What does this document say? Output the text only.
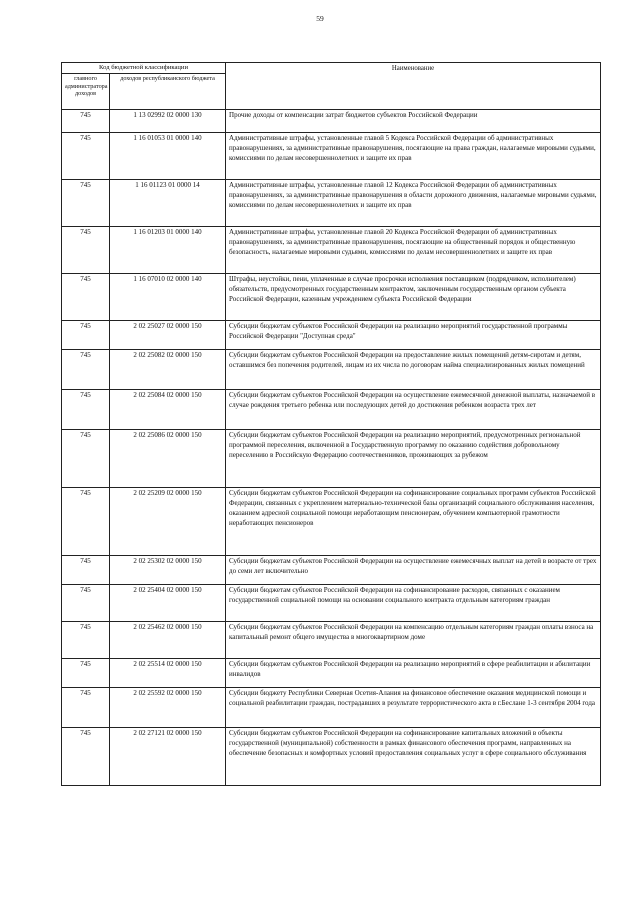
59
Код бюджетной классификации		Наименование
главного администратора доходов	доходов республиканского бюджета	
745	1 13 02992 02 0000 130	Прочие доходы от компенсации затрат бюджетов субъектов Российской Федерации
745	1 16 01053 01 0000 140	Административные штрафы, установленные главой 5 Кодекса Российской Федерации об административных правонарушениях, за административные правонарушения, посягающие на права граждан, налагаемые мировыми судьями, комиссиями по делам несовершеннолетних и защите их прав
745	1 16 01123 01 0000 14	Административные штрафы, установленные главой 12 Кодекса Российской Федерации об административных правонарушениях, за административные правонарушения в области дорожного движения, налагаемые мировыми судьями, комиссиями по делам несовершеннолетних и защите их прав
745	1 16 01203 01 0000 140	Административные штрафы, установленные главой 20 Кодекса Российской Федерации об административных правонарушениях, за административные правонарушения, посягающие на общественный порядок и общественную безопасность, налагаемые мировыми судьями, комиссиями по делам несовершеннолетних и защите их прав
745	1 16 07010 02 0000 140	Штрафы, неустойки, пени, уплаченные в случае просрочки исполнения поставщиком (подрядчиком, исполнителем) обязательств, предусмотренных государственным контрактом, заключенным государственным органом субъекта Российской Федерации, казенным учреждением субъекта Российской Федерации
745	2 02 25027 02 0000 150	Субсидии бюджетам субъектов Российской Федерации на реализацию мероприятий государственной программы Российской Федерации "Доступная среда"
745	2 02 25082 02 0000 150	Субсидии бюджетам субъектов Российской Федерации на предоставление жилых помещений детям-сиротам и детям, оставшимся без попечения родителей, лицам из их числа по договорам найма специализированных жилых помещений
745	2 02 25084 02 0000 150	Субсидии бюджетам субъектов Российской Федерации на осуществление ежемесячной денежной выплаты, назначаемой в случае рождения третьего ребенка или последующих детей до достижения ребенком возраста трех лет
745	2 02 25086 02 0000 150	Субсидии бюджетам субъектов Российской Федерации на реализацию мероприятий, предусмотренных региональной программой переселения, включенной в Государственную программу по оказанию содействия добровольному переселению в Российскую Федерацию соотечественников, проживающих за рубежом
745	2 02 25209 02 0000 150	Субсидии бюджетам субъектов Российской Федерации на софинансирование социальных программ субъектов Российской Федерации, связанных с укреплением материально-технической базы организаций социального обслуживания населения, оказанием адресной социальной помощи неработающим пенсионерам, обучением компьютерной грамотности неработающих пенсионеров
745	2 02 25302 02 0000 150	Субсидии бюджетам субъектов Российской Федерации на осуществление ежемесячных выплат на детей в возрасте от трех до семи лет включительно
745	2 02 25404 02 0000 150	Субсидии бюджетам субъектов Российской Федерации на софинансирование расходов, связанных с оказанием государственной социальной помощи на основании социального контракта отдельным категориям граждан
745	2 02 25462 02 0000 150	Субсидии бюджетам субъектов Российской Федерации на компенсацию отдельным категориям граждан оплаты взноса на капитальный ремонт общего имущества в многоквартирном доме
745	2 02 25514 02 0000 150	Субсидии бюджетам субъектов Российской Федерации на реализацию мероприятий в сфере реабилитации и абилитации инвалидов
745	2 02 25592 02 0000 150	Субсидии бюджету Республики Северная Осетия-Алания на финансовое обеспечение оказания медицинской помощи и социальной реабилитации граждан, пострадавших в результате террористического акта в г.Беслане 1-3 сентября 2004 года
745	2 02 27121 02 0000 150	Субсидии бюджетам субъектов Российской Федерации на софинансирование капитальных вложений в объекты государственной (муниципальной) собственности в рамках финансового обеспечения программ, направленных на обеспечение безопасных и комфортных условий предоставления социальных услуг в сфере социального обслуживания
